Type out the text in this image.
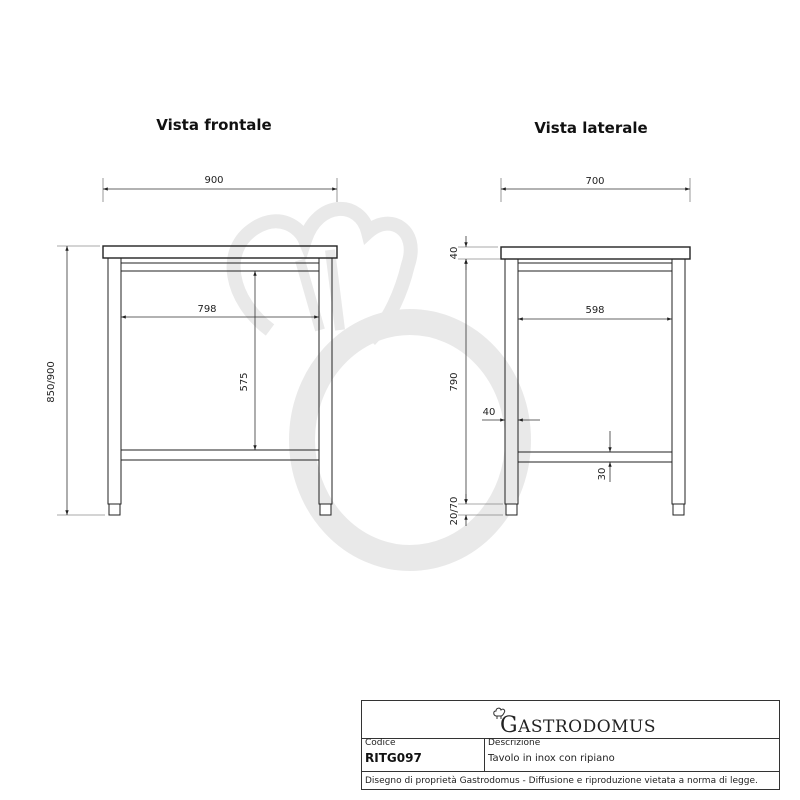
Vista frontale
900
798
575
850/900
Vista laterale
700
40
790
20/70
598
40
30
GASTRODOMUS
Codice
RITG097
Descrizione
Tavolo in inox con ripiano
Disegno di proprietà Gastrodomus - Diffusione e riproduzione vietata a norma di legge.
